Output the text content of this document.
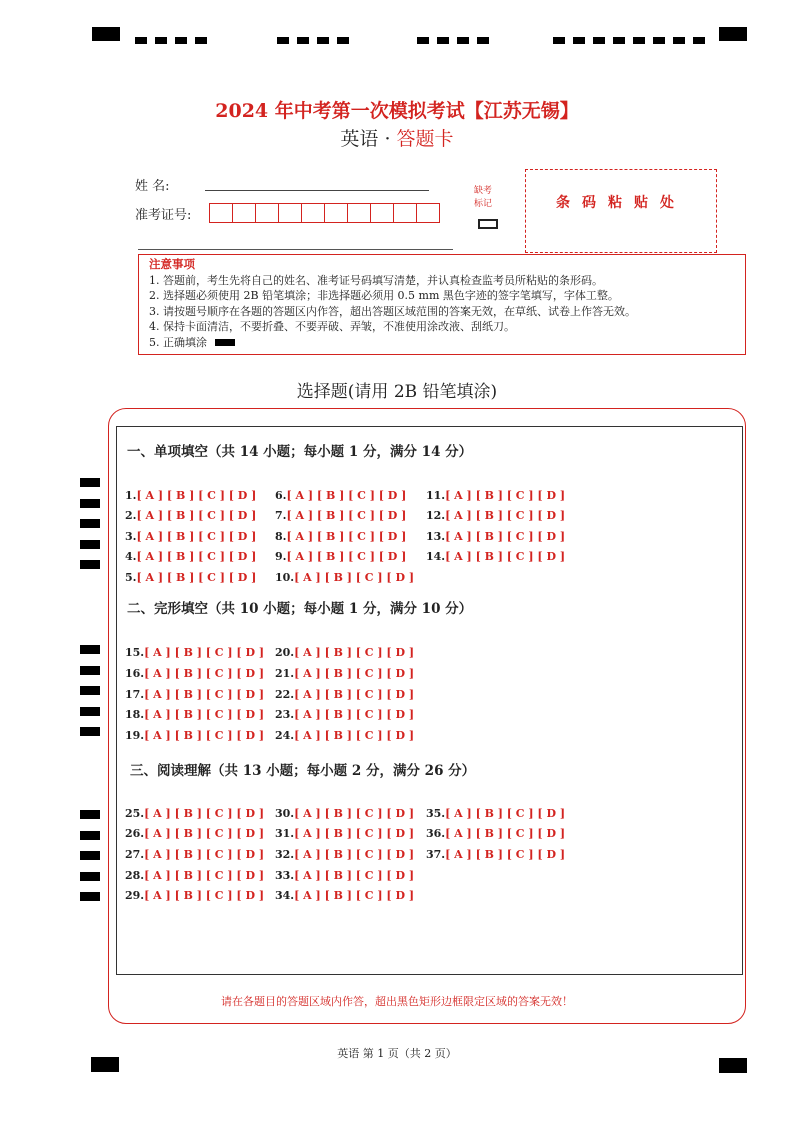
2024 年中考第一次模拟考试【江苏无锡】
英语 · 答题卡
姓 名:
准考证号:
缺考
标记	条码粘贴处
注意事项
1. 答题前，考生先将自己的姓名、准考证号码填写清楚，并认真检查监考员所粘贴的条形码。
2. 选择题必须使用 2B 铅笔填涂；非选择题必须用 0.5 mm 黑色字迹的签字笔填写，字体工整。
3. 请按题号顺序在各题的答题区内作答，超出答题区域范围的答案无效，在草纸、试卷上作答无效。
4. 保持卡面清洁，不要折叠、不要弄破、弄皱，不准使用涂改液、刮纸刀。
5. 正确填涂
选择题(请用 2B 铅笔填涂)
一、单项填空（共 14 小题；每小题 1 分，满分 14 分）
二、完形填空（共 10 小题；每小题 1 分，满分 10 分）
三、阅读理解（共 13 小题；每小题 2 分，满分 26 分）
1.[ A ] [ B ] [ C ] [ D ]
2.[ A ] [ B ] [ C ] [ D ]
3.[ A ] [ B ] [ C ] [ D ]
4.[ A ] [ B ] [ C ] [ D ]
5.[ A ] [ B ] [ C ] [ D ]
6.[ A ] [ B ] [ C ] [ D ]
7.[ A ] [ B ] [ C ] [ D ]
8.[ A ] [ B ] [ C ] [ D ]
9.[ A ] [ B ] [ C ] [ D ]
10.[ A ] [ B ] [ C ] [ D ]
11.[ A ] [ B ] [ C ] [ D ]
12.[ A ] [ B ] [ C ] [ D ]
13.[ A ] [ B ] [ C ] [ D ]
14.[ A ] [ B ] [ C ] [ D ]
15.[ A ] [ B ] [ C ] [ D ]
16.[ A ] [ B ] [ C ] [ D ]
17.[ A ] [ B ] [ C ] [ D ]
18.[ A ] [ B ] [ C ] [ D ]
19.[ A ] [ B ] [ C ] [ D ]
20.[ A ] [ B ] [ C ] [ D ]
21.[ A ] [ B ] [ C ] [ D ]
22.[ A ] [ B ] [ C ] [ D ]
23.[ A ] [ B ] [ C ] [ D ]
24.[ A ] [ B ] [ C ] [ D ]
25.[ A ] [ B ] [ C ] [ D ]
26.[ A ] [ B ] [ C ] [ D ]
27.[ A ] [ B ] [ C ] [ D ]
28.[ A ] [ B ] [ C ] [ D ]
29.[ A ] [ B ] [ C ] [ D ]
30.[ A ] [ B ] [ C ] [ D ]
31.[ A ] [ B ] [ C ] [ D ]
32.[ A ] [ B ] [ C ] [ D ]
33.[ A ] [ B ] [ C ] [ D ]
34.[ A ] [ B ] [ C ] [ D ]
35.[ A ] [ B ] [ C ] [ D ]
36.[ A ] [ B ] [ C ] [ D ]
37.[ A ] [ B ] [ C ] [ D ]
请在各题目的答题区域内作答，超出黑色矩形边框限定区域的答案无效！
英语 第 1 页（共 2 页）
